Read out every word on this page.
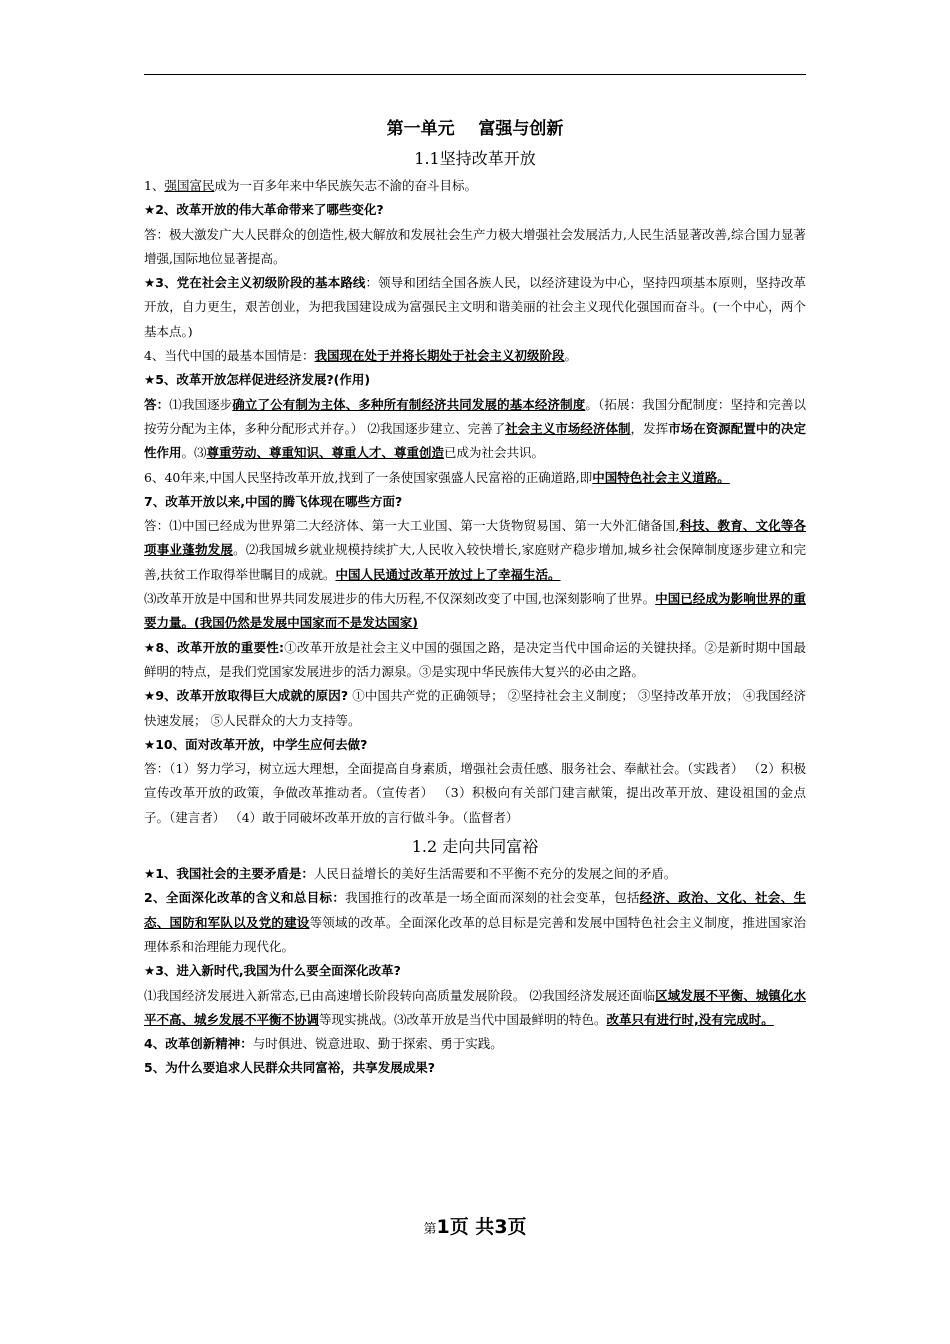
第一单元    富强与创新
1.1坚持改革开放
1、强国富民成为一百多年来中华民族矢志不渝的奋斗目标。
★2、改革开放的伟大革命带来了哪些变化?
答：极大激发广大人民群众的创造性,极大解放和发展社会生产力极大增强社会发展活力,人民生活显著改善,综合国力显著增强,国际地位显著提高。
★3、党在社会主义初级阶段的基本路线：领导和团结全国各族人民，以经济建设为中心，坚持四项基本原则，坚持改革开放，自力更生，艰苦创业，为把我国建设成为富强民主文明和谐美丽的社会主义现代化强国而奋斗。(一个中心，两个基本点。)
4、当代中国的最基本国情是：我国现在处于并将长期处于社会主义初级阶段。
★5、改革开放怎样促进经济发展?(作用)
答：⑴我国逐步确立了公有制为主体、多种所有制经济共同发展的基本经济制度。（拓展：我国分配制度：坚持和完善以按劳分配为主体，多种分配形式并存。） ⑵我国逐步建立、完善了社会主义市场经济体制，发挥市场在资源配置中的决定性作用。⑶尊重劳动、尊重知识、尊重人才、尊重创造已成为社会共识。
6、40年来,中国人民坚持改革开放,找到了一条使国家强盛人民富裕的正确道路,即中国特色社会主义道路。
7、改革开放以来,中国的腾飞体现在哪些方面?
答：⑴中国已经成为世界第二大经济体、第一大工业国、第一大货物贸易国、第一大外汇储备国,科技、教育、文化等各项事业蓬勃发展。⑵我国城乡就业规模持续扩大,人民收入较快增长,家庭财产稳步增加,城乡社会保障制度逐步建立和完善,扶贫工作取得举世瞩目的成就。中国人民通过改革开放过上了幸福生活。
⑶改革开放是中国和世界共同发展进步的伟大历程,不仅深刻改变了中国,也深刻影响了世界。中国已经成为影响世界的重要力量。(我国仍然是发展中国家而不是发达国家)
★8、改革开放的重要性:①改革开放是社会主义中国的强国之路，是决定当代中国命运的关键抉择。②是新时期中国最鲜明的特点，是我们党国家发展进步的活力源泉。③是实现中华民族伟大复兴的必由之路。
★9、改革开放取得巨大成就的原因? ①中国共产党的正确领导； ②坚持社会主义制度； ③坚持改革开放； ④我国经济快速发展； ⑤人民群众的大力支持等。
★10、面对改革开放，中学生应何去做?
答：（1）努力学习，树立远大理想，全面提高自身素质，增强社会责任感、服务社会、奉献社会。（实践者） （2）积极宣传改革开放的政策，争做改革推动者。（宣传者） （3）积极向有关部门建言献策，提出改革开放、建设祖国的金点子。（建言者） （4）敢于同破坏改革开放的言行做斗争。（监督者）
1.2 走向共同富裕
★1、我国社会的主要矛盾是：人民日益增长的美好生活需要和不平衡不充分的发展之间的矛盾。
2、全面深化改革的含义和总目标：我国推行的改革是一场全面而深刻的社会变革，包括经济、政治、文化、社会、生态、国防和军队以及党的建设等领域的改革。全面深化改革的总目标是完善和发展中国特色社会主义制度，推进国家治理体系和治理能力现代化。
★3、进入新时代,我国为什么要全面深化改革?
⑴我国经济发展进入新常态,已由高速增长阶段转向高质量发展阶段。 ⑵我国经济发展还面临区域发展不平衡、城镇化水平不高、城乡发展不平衡不协调等现实挑战。⑶改革开放是当代中国最鲜明的特色。改革只有进行时,没有完成时。
4、改革创新精神：与时俱进、锐意进取、勤于探索、勇于实践。
5、为什么要追求人民群众共同富裕，共享发展成果?
第1页 共3页
